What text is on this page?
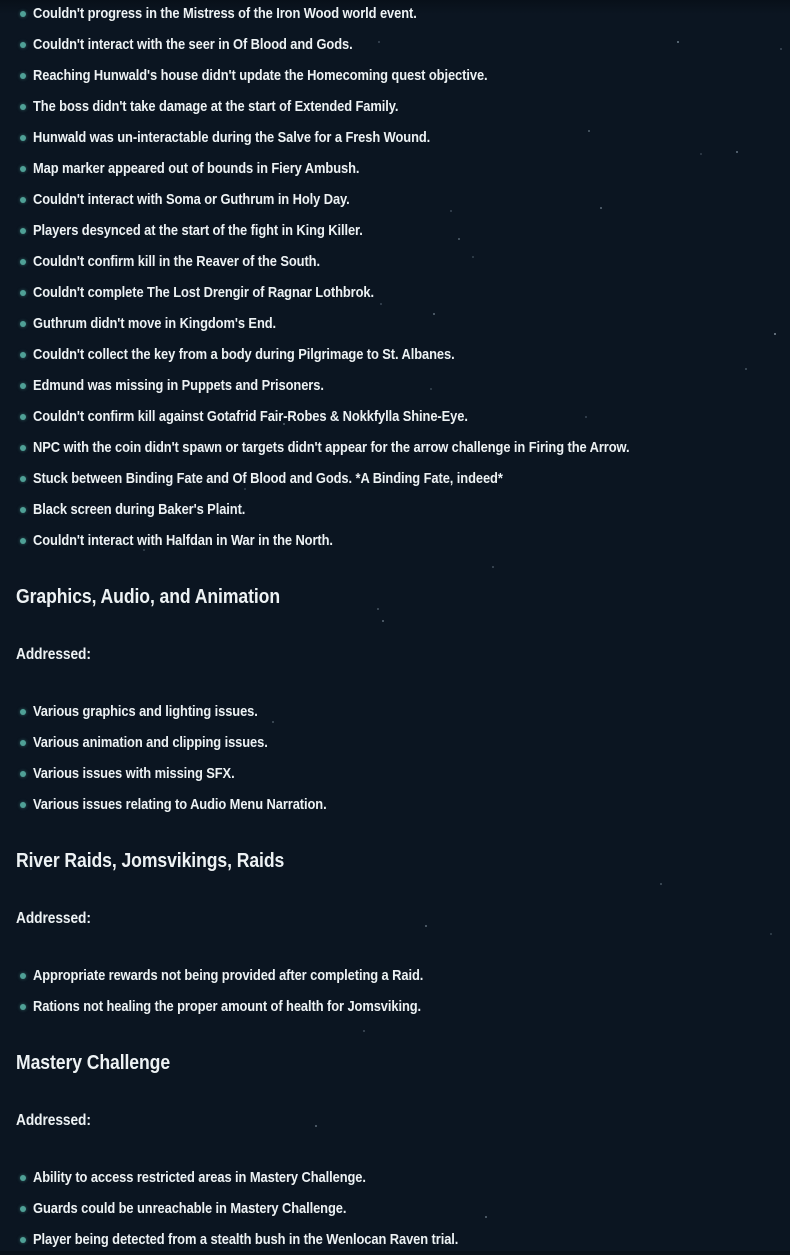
Couldn't progress in the Mistress of the Iron Wood world event.
Couldn't interact with the seer in Of Blood and Gods.
Reaching Hunwald's house didn't update the Homecoming quest objective.
The boss didn't take damage at the start of Extended Family.
Hunwald was un-interactable during the Salve for a Fresh Wound.
Map marker appeared out of bounds in Fiery Ambush.
Couldn't interact with Soma or Guthrum in Holy Day.
Players desynced at the start of the fight in King Killer.
Couldn't confirm kill in the Reaver of the South.
Couldn't complete The Lost Drengir of Ragnar Lothbrok.
Guthrum didn't move in Kingdom's End.
Couldn't collect the key from a body during Pilgrimage to St. Albanes.
Edmund was missing in Puppets and Prisoners.
Couldn't confirm kill against Gotafrid Fair-Robes & Nokkfylla Shine-Eye.
NPC with the coin didn't spawn or targets didn't appear for the arrow challenge in Firing the Arrow.
Stuck between Binding Fate and Of Blood and Gods. *A Binding Fate, indeed*
Black screen during Baker's Plaint.
Couldn't interact with Halfdan in War in the North.
Graphics, Audio, and Animation

Addressed:

Various graphics and lighting issues.
Various animation and clipping issues.
Various issues with missing SFX.
Various issues relating to Audio Menu Narration.
River Raids, Jomsvikings, Raids

Addressed:

Appropriate rewards not being provided after completing a Raid.
Rations not healing the proper amount of health for Jomsviking.
Mastery Challenge

Addressed:

Ability to access restricted areas in Mastery Challenge.
Guards could be unreachable in Mastery Challenge.
Player being detected from a stealth bush in the Wenlocan Raven trial.
